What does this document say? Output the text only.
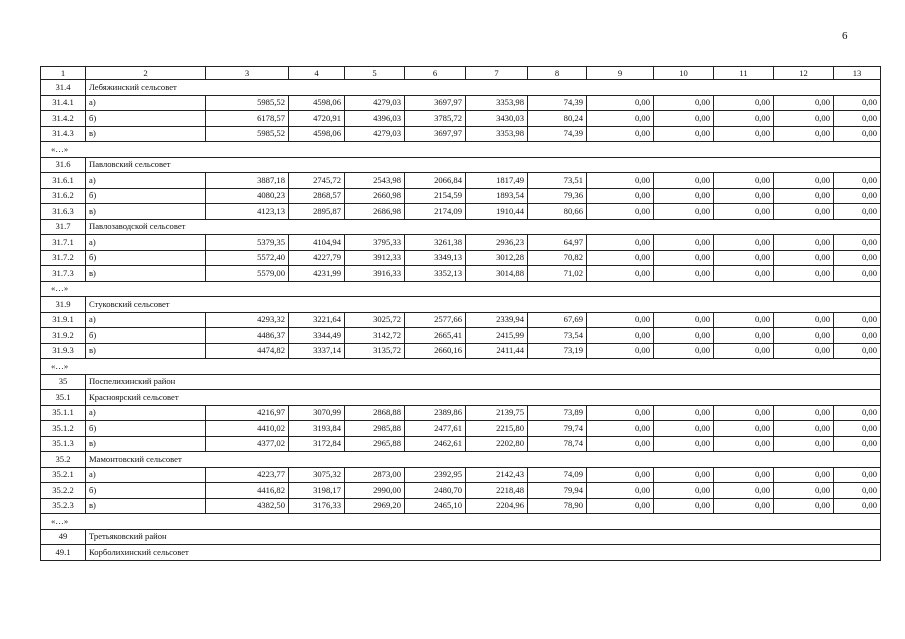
6
1	2	3	4	5	6	7	8	9	10	11	12	13
31.4	Лебяжинский сельсовет											
31.4.1	а)	5985,52	4598,06	4279,03	3697,97	3353,98	74,39	0,00	0,00	0,00	0,00	0,00
31.4.2	б)	6178,57	4720,91	4396,03	3785,72	3430,03	80,24	0,00	0,00	0,00	0,00	0,00
31.4.3	в)	5985,52	4598,06	4279,03	3697,97	3353,98	74,39	0,00	0,00	0,00	0,00	0,00
«…»												
31.6	Павловский сельсовет											
31.6.1	а)	3887,18	2745,72	2543,98	2066,84	1817,49	73,51	0,00	0,00	0,00	0,00	0,00
31.6.2	б)	4080,23	2868,57	2660,98	2154,59	1893,54	79,36	0,00	0,00	0,00	0,00	0,00
31.6.3	в)	4123,13	2895,87	2686,98	2174,09	1910,44	80,66	0,00	0,00	0,00	0,00	0,00
31.7	Павлозаводской сельсовет											
31.7.1	а)	5379,35	4104,94	3795,33	3261,38	2936,23	64,97	0,00	0,00	0,00	0,00	0,00
31.7.2	б)	5572,40	4227,79	3912,33	3349,13	3012,28	70,82	0,00	0,00	0,00	0,00	0,00
31.7.3	в)	5579,00	4231,99	3916,33	3352,13	3014,88	71,02	0,00	0,00	0,00	0,00	0,00
«…»												
31.9	Стуковский сельсовет											
31.9.1	а)	4293,32	3221,64	3025,72	2577,66	2339,94	67,69	0,00	0,00	0,00	0,00	0,00
31.9.2	б)	4486,37	3344,49	3142,72	2665,41	2415,99	73,54	0,00	0,00	0,00	0,00	0,00
31.9.3	в)	4474,82	3337,14	3135,72	2660,16	2411,44	73,19	0,00	0,00	0,00	0,00	0,00
«…»												
35	Поспелихинский район											
35.1	Красноярский сельсовет											
35.1.1	а)	4216,97	3070,99	2868,88	2389,86	2139,75	73,89	0,00	0,00	0,00	0,00	0,00
35.1.2	б)	4410,02	3193,84	2985,88	2477,61	2215,80	79,74	0,00	0,00	0,00	0,00	0,00
35.1.3	в)	4377,02	3172,84	2965,88	2462,61	2202,80	78,74	0,00	0,00	0,00	0,00	0,00
35.2	Мамонтовский сельсовет											
35.2.1	а)	4223,77	3075,32	2873,00	2392,95	2142,43	74,09	0,00	0,00	0,00	0,00	0,00
35.2.2	б)	4416,82	3198,17	2990,00	2480,70	2218,48	79,94	0,00	0,00	0,00	0,00	0,00
35.2.3	в)	4382,50	3176,33	2969,20	2465,10	2204,96	78,90	0,00	0,00	0,00	0,00	0,00
«…»												
49	Третьяковский район											
49.1	Корболихинский сельсовет											
